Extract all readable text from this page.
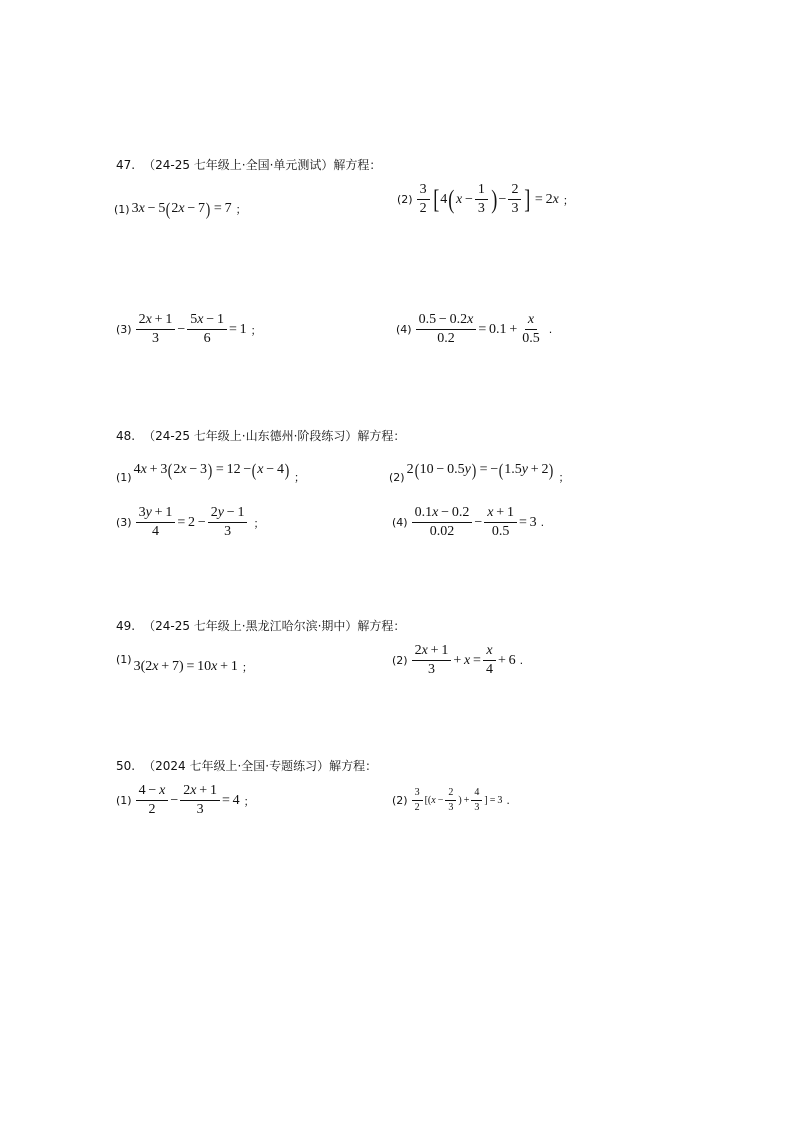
47. （24-25 七年级上·全国·单元测试）解方程：
(1) 3 x  − 5 ( 2 x  − 7 )  = 7 ；
$(2) \frac{3}{2}$ [ 4 ( $x - \frac{1}{3}$ ) − $\frac{2}{3}$ ]  = 2 x ；
$(3) \frac{2x + 1}{3} - \frac{5x - 1}{6} = 1$ ；	$(4) \frac{0.5 - 0.2x}{0.2} = 0.1 + \frac{x}{0.5}$ .
48. （24-25 七年级上·山东德州·阶段练习）解方程：
(1) 4 x  + 3 ( 2 x  − 3 )  = 12 − ( x  − 4 ) ；	(2) 2 ( 10 − 0.5 y )  = − ( 1.5 y  + 2 ) ；
$(3) \frac{3y + 1}{4} = 2 - \frac{2y - 1}{3}$ ；	$(4) \frac{0.1x - 0.2}{0.02} - \frac{x + 1}{0.5} = 3$ .
49. （24-25 七年级上·黑龙江哈尔滨·期中）解方程：
(1) 3(2 x  + 7) = 10 x  + 1 ；
$(2) \frac{2x + 1}{3} + x = \frac{x}{4} + 6$ .
50. （2024 七年级上·全国·专题练习）解方程：
$(1) \frac{4 - x}{2} - \frac{2x + 1}{3} = 4$ ；	$(2) \frac{3}{2}$ [( $x - \frac{2}{3}$ ) + $\frac{4}{3}$ ] = 3 .
